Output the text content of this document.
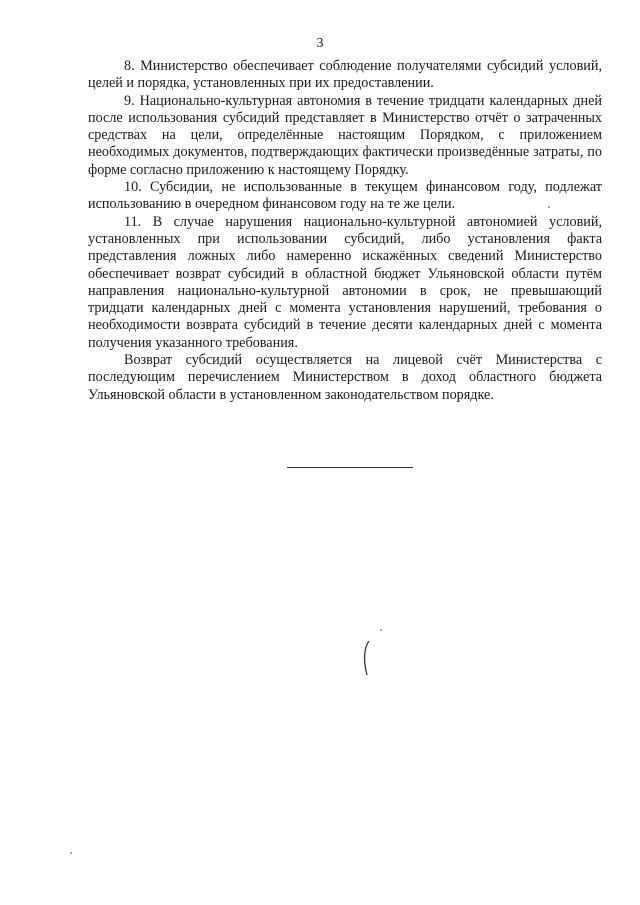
3

8. Министерство обеспечивает соблюдение получателями субсидий условий, целей и порядка, установленных при их предоставлении.

9. Национально-культурная автономия в течение тридцати календарных дней после использования субсидий представляет в Министерство отчёт о затраченных средствах на цели, определённые настоящим Порядком, с приложением необходимых документов, подтверждающих фактически произведённые затраты, по форме согласно приложению к настоящему Порядку.

10. Субсидии, не использованные в текущем финансовом году, подлежат использованию в очередном финансовом году на те же цели.

11. В случае нарушения национально-культурной автономией условий, установленных при использовании субсидий, либо установления факта представления ложных либо намеренно искажённых сведений Министерство обеспечивает возврат субсидий в областной бюджет Ульяновской области путём направления национально-культурной автономии в срок, не превышающий тридцати календарных дней с момента установления нарушений, требования о необходимости возврата субсидий в течение десяти календарных дней с момента получения указанного требования.

Возврат субсидий осуществляется на лицевой счёт Министерства с последующим перечислением Министерством в доход областного бюджета Ульяновской области в установленном законодательством порядке.
